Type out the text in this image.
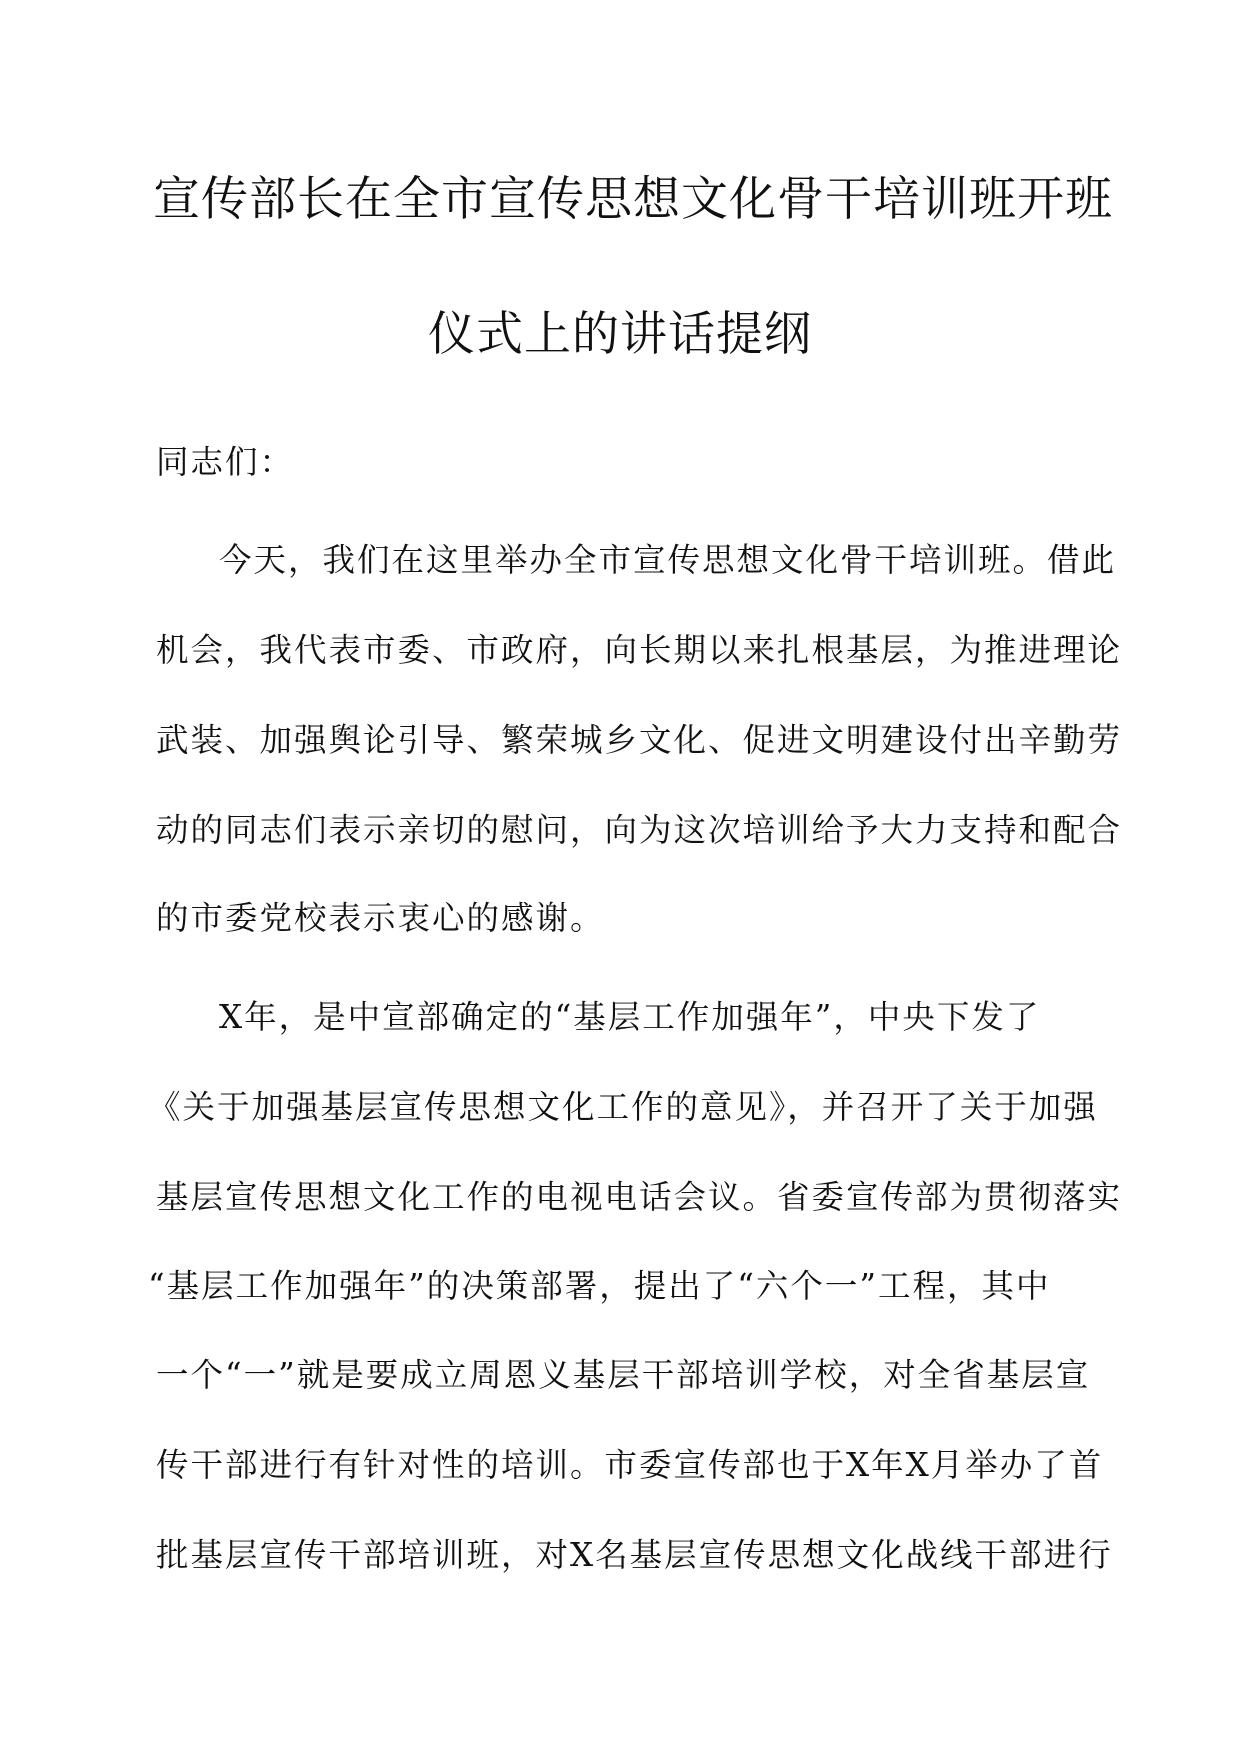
宣传部长在全市宣传思想文化骨干培训班开班
仪式上的讲话提纲
同志们：
今天，我们在这里举办全市宣传思想文化骨干培训班。借此
机会，我代表市委、市政府，向长期以来扎根基层，为推进理论
武装、加强舆论引导、繁荣城乡文化、促进文明建设付出辛勤劳
动的同志们表示亲切的慰问，向为这次培训给予大力支持和配合
的市委党校表示衷心的感谢。
X年，是中宣部确定的“基层工作加强年”，中央下发了
《关于加强基层宣传思想文化工作的意见》，并召开了关于加强
基层宣传思想文化工作的电视电话会议。省委宣传部为贯彻落实
“基层工作加强年”的决策部署，提出了“六个一”工程，其中
一个“一”就是要成立周恩义基层干部培训学校，对全省基层宣
传干部进行有针对性的培训。市委宣传部也于X年X月举办了首
批基层宣传干部培训班，对X名基层宣传思想文化战线干部进行
